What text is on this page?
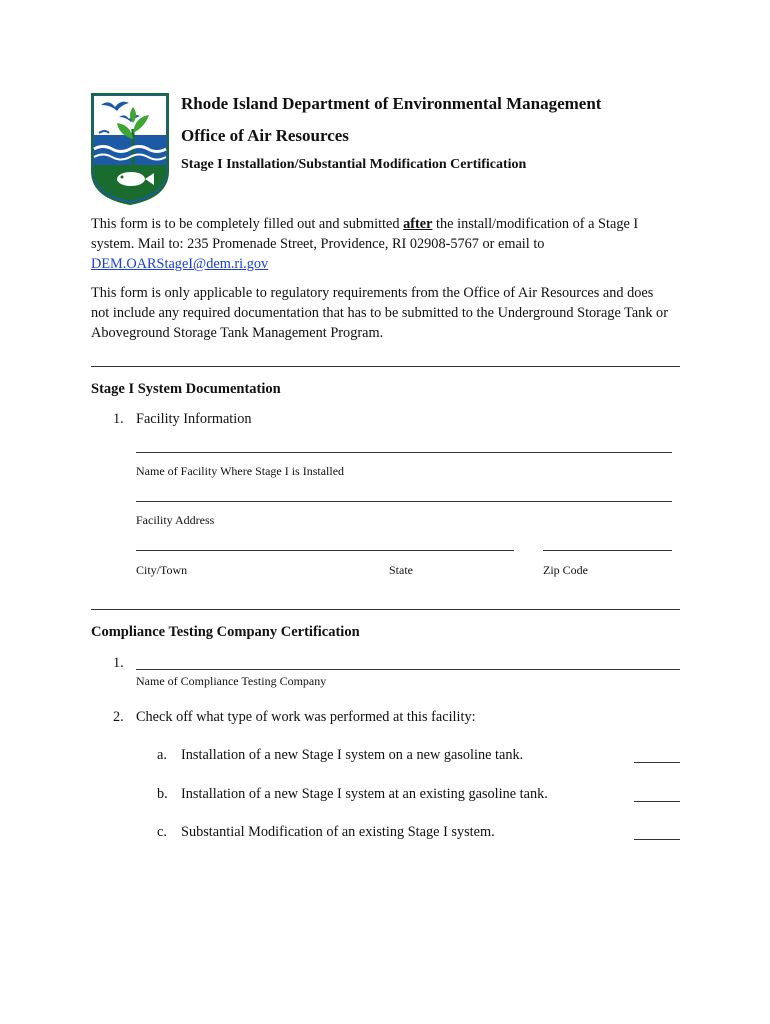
Rhode Island Department of Environmental Management
Office of Air Resources
Stage I Installation/Substantial Modification Certification
This form is to be completely filled out and submitted after the install/modification of a Stage I
system. Mail to: 235 Promenade Street, Providence, RI 02908-5767 or email to
DEM.OARStageI@dem.ri.gov
This form is only applicable to regulatory requirements from the Office of Air Resources and does not include any required documentation that has to be submitted to the Underground Storage Tank or Aboveground Storage Tank Management Program.
Stage I System Documentation
1. Facility Information
Name of Facility Where Stage I is Installed
Facility Address
City/Town	State	Zip Code
Compliance Testing Company Certification
1.
Name of Compliance Testing Company
2. Check off what type of work was performed at this facility:
a. Installation of a new Stage I system on a new gasoline tank.
b. Installation of a new Stage I system at an existing gasoline tank.
c. Substantial Modification of an existing Stage I system.
